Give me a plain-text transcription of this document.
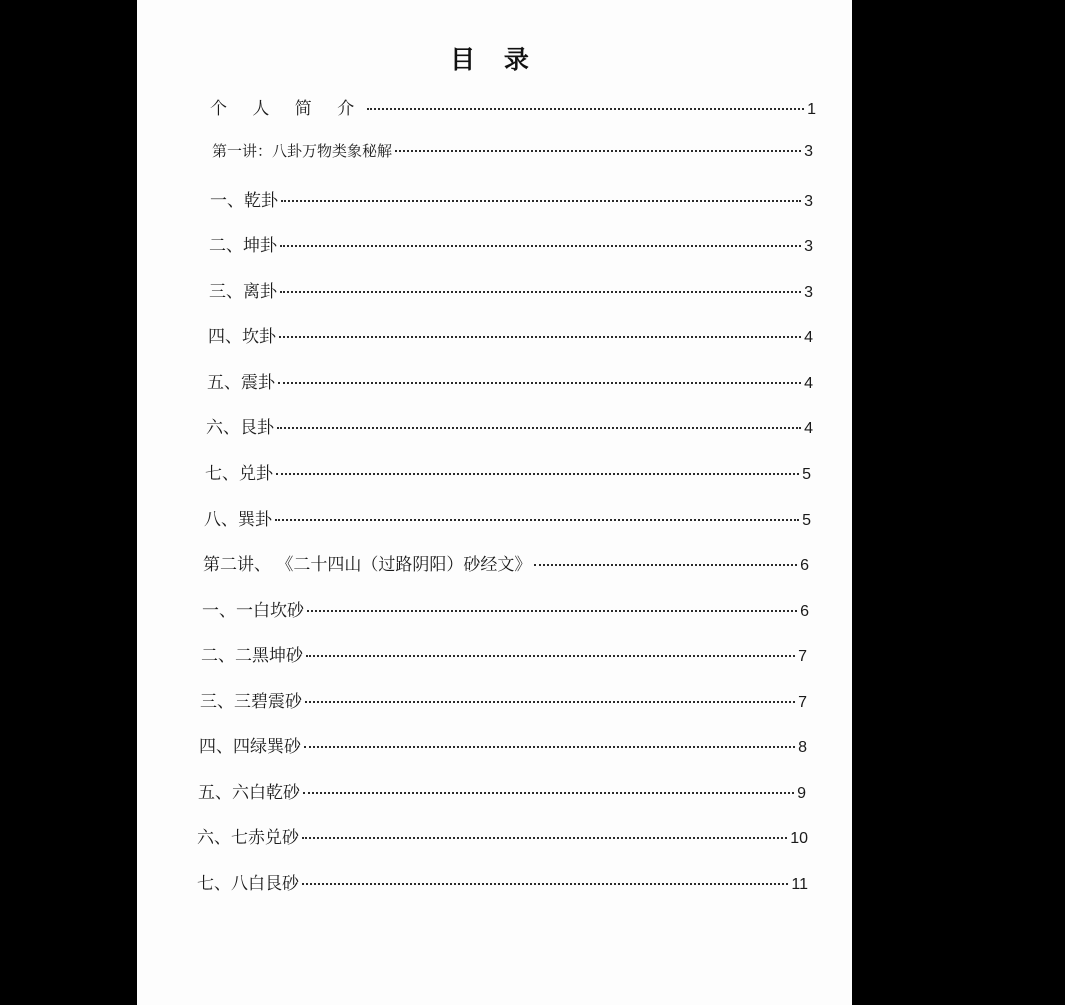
目 录
个 人 简 介	1
第一讲：八卦万物类象秘解	3
一、乾卦	3
二、坤卦	3
三、离卦	3
四、坎卦	4
五、震卦	4
六、艮卦	4
七、兑卦	5
八、巽卦	5
第二讲、 《二十四山（过路阴阳）砂经文》	6
一、一白坎砂	6
二、二黑坤砂	7
三、三碧震砂	7
四、四绿巽砂	8
五、六白乾砂	9
六、七赤兑砂	10
七、八白艮砂	11
